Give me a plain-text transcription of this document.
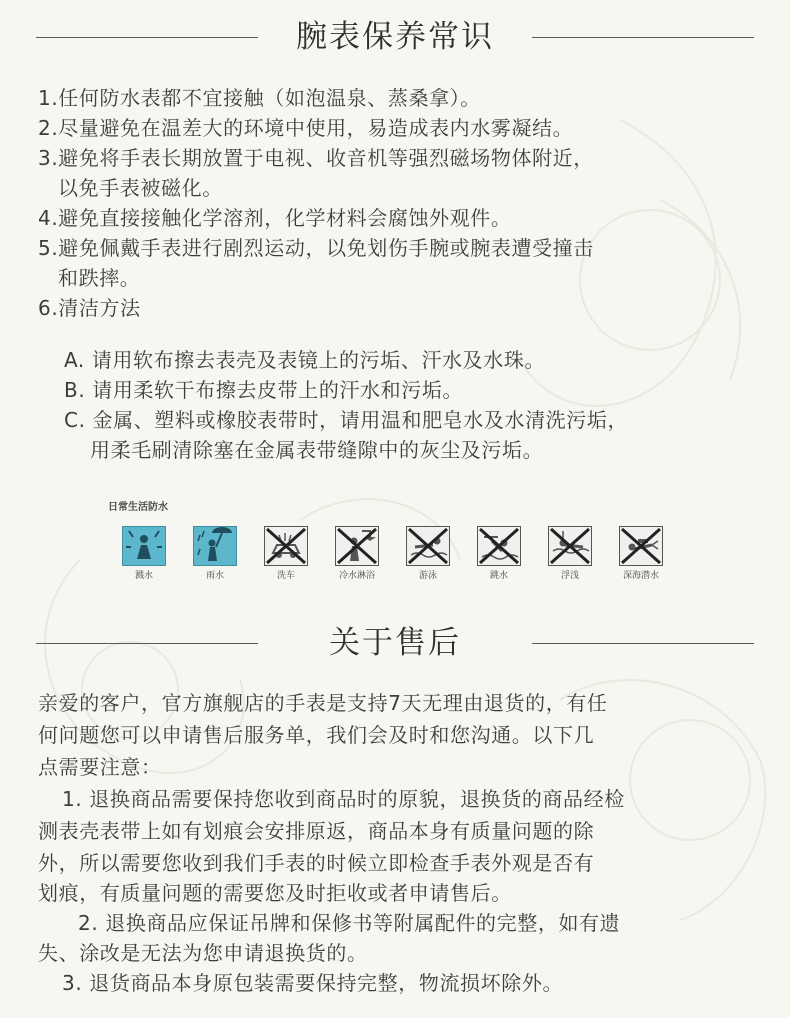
腕表保养常识
1.任何防水表都不宜接触（如泡温泉、蒸桑拿）。
2.尽量避免在温差大的环境中使用，易造成表内水雾凝结。
3.避免将手表长期放置于电视、收音机等强烈磁场物体附近，
以免手表被磁化。
4.避免直接接触化学溶剂，化学材料会腐蚀外观件。
5.避免佩戴手表进行剧烈运动，以免划伤手腕或腕表遭受撞击
和跌摔。
6.清洁方法
A. 请用软布擦去表壳及表镜上的污垢、汗水及水珠。
B. 请用柔软干布擦去皮带上的汗水和污垢。
C. 金属、塑料或橡胶表带时，请用温和肥皂水及水清洗污垢，
用柔毛刷清除塞在金属表带缝隙中的灰尘及污垢。
日常生活防水
溅水	雨水	洗车	冷水淋浴	游泳	跳水	浮浅	深海潜水
关于售后
亲爱的客户，官方旗舰店的手表是支持7天无理由退货的，有任
何问题您可以申请售后服务单，我们会及时和您沟通。以下几
点需要注意：
1. 退换商品需要保持您收到商品时的原貌，退换货的商品经检
测表壳表带上如有划痕会安排原返，商品本身有质量问题的除
外，所以需要您收到我们手表的时候立即检查手表外观是否有
划痕，有质量问题的需要您及时拒收或者申请售后。
2. 退换商品应保证吊牌和保修书等附属配件的完整，如有遗
失、涂改是无法为您申请退换货的。
3. 退货商品本身原包装需要保持完整，物流损坏除外。
